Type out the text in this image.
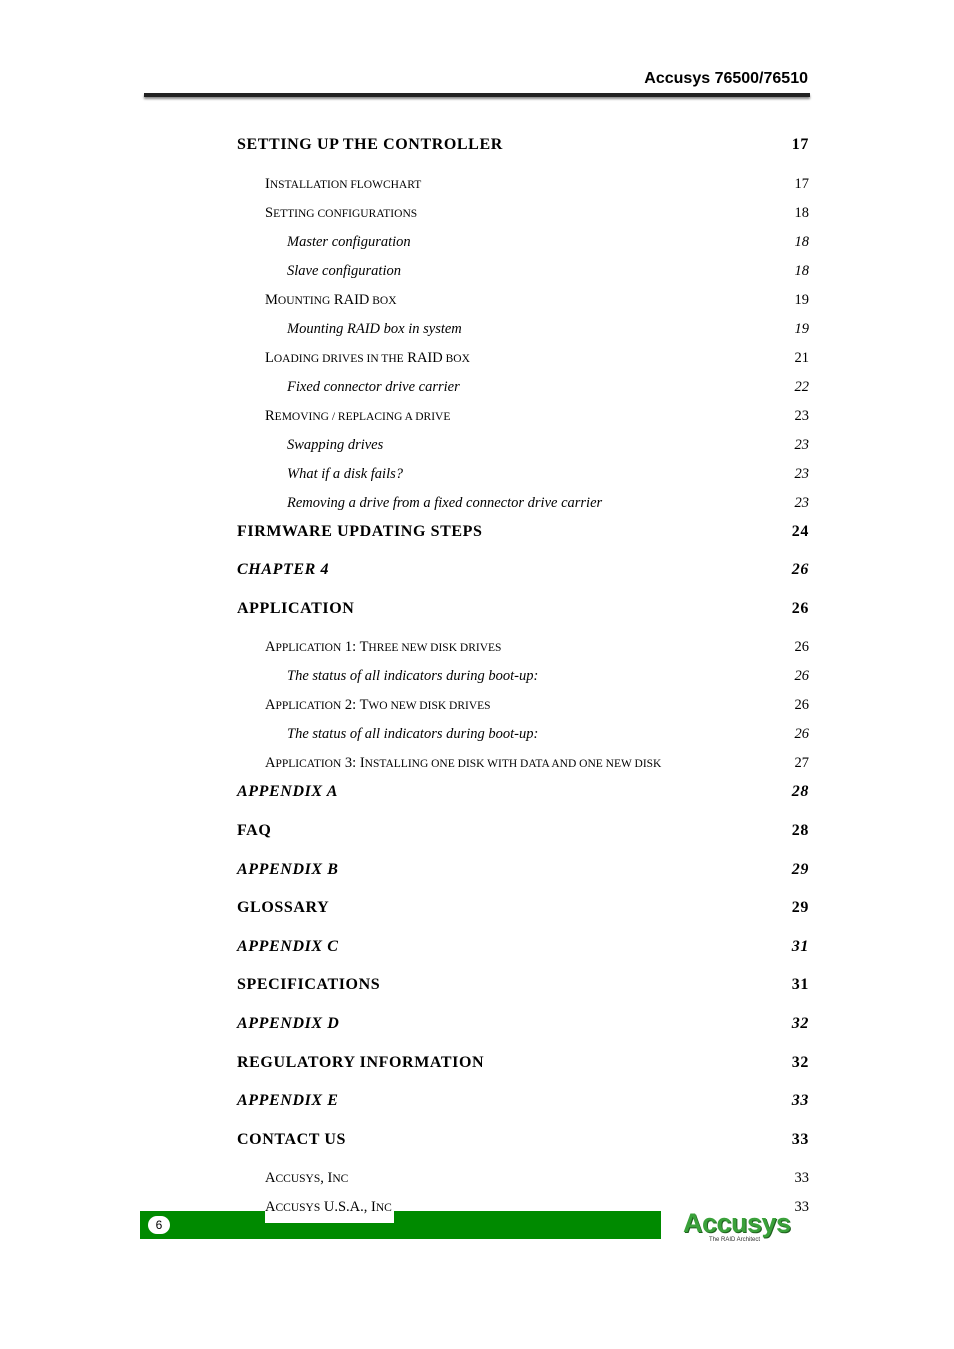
Accusys 76500/76510
SETTING UP THE CONTROLLER	17
INSTALLATION FLOWCHART	17
SETTING CONFIGURATIONS	18
Master configuration	18
Slave configuration	18
MOUNTING RAID BOX	19
Mounting RAID box in system	19
LOADING DRIVES IN THE RAID BOX	21
Fixed connector drive carrier	22
REMOVING / REPLACING A DRIVE	23
Swapping drives	23
What if a disk fails?	23
Removing a drive from a fixed connector drive carrier	23
FIRMWARE UPDATING STEPS	24
CHAPTER 4	26
APPLICATION	26
APPLICATION 1: THREE NEW DISK DRIVES	26
The status of all indicators during boot-up:	26
APPLICATION 2: TWO NEW DISK DRIVES	26
The status of all indicators during boot-up:	26
APPLICATION 3: INSTALLING ONE DISK WITH DATA AND ONE NEW DISK	27
APPENDIX A	28
FAQ	28
APPENDIX B	29
GLOSSARY	29
APPENDIX C	31
SPECIFICATIONS	31
APPENDIX D	32
REGULATORY INFORMATION	32
APPENDIX E	33
CONTACT US	33
ACCUSYS, INC	33
ACCUSYS U.S.A., INC	33
6	Accusys
The RAID Architect
